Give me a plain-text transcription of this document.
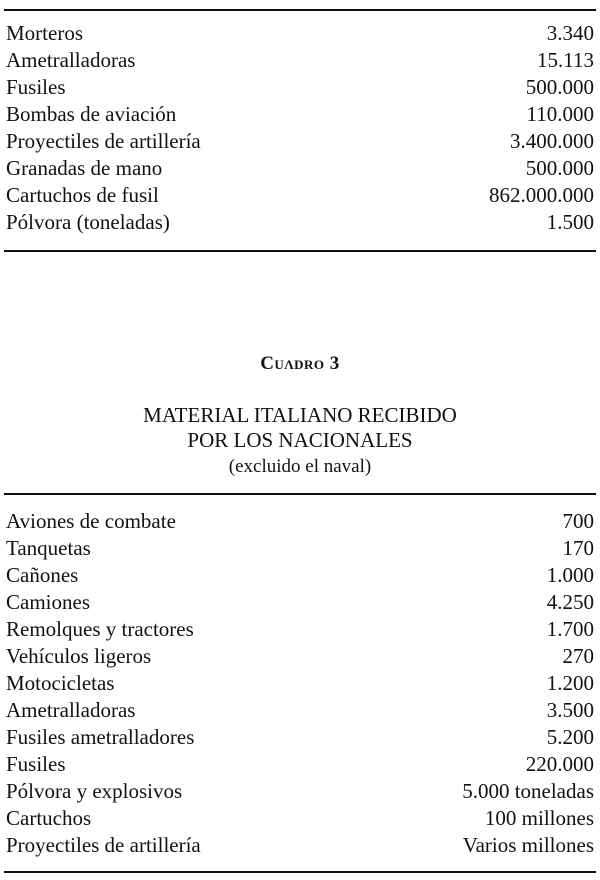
Morteros	3.340
Ametralladoras	15.113
Fusiles	500.000
Bombas de aviación	110.000
Proyectiles de artillería	3.400.000
Granadas de mano	500.000
Cartuchos de fusil	862.000.000
Pólvora (toneladas)	1.500
Cuʌdro 3
MATERIAL ITALIANO RECIBIDO
POR LOS NACIONALES
(excluido el naval)
Aviones de combate	700
Tanquetas	170
Cañones	1.000
Camiones	4.250
Remolques y tractores	1.700
Vehículos ligeros	270
Motocicletas	1.200
Ametralladoras	3.500
Fusiles ametralladores	5.200
Fusiles	220.000
Pólvora y explosivos	5.000 toneladas
Cartuchos	100 millones
Proyectiles de artillería	Varios millones
